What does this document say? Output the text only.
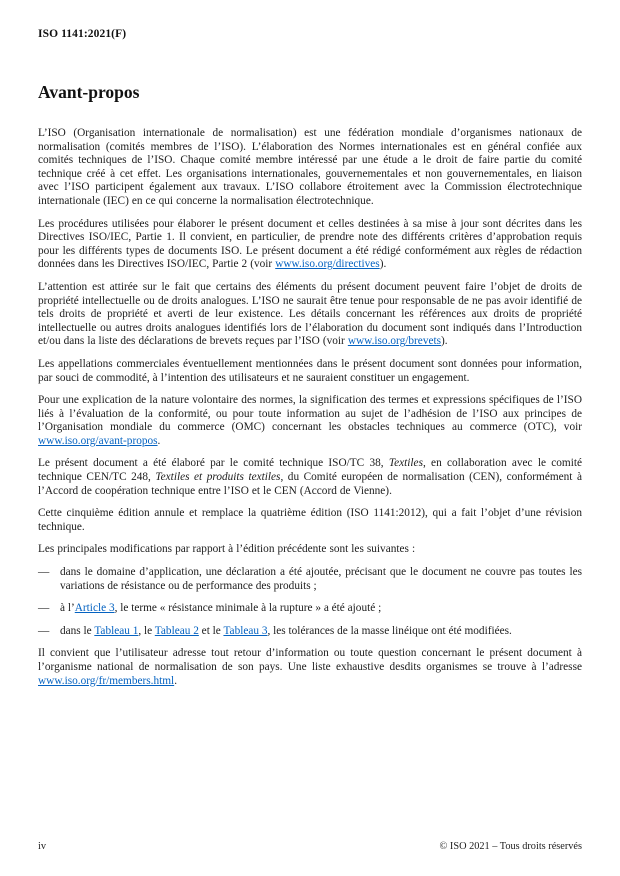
ISO 1141:2021(F)
Avant-propos

L’ISO (Organisation internationale de normalisation) est une fédération mondiale d’organismes nationaux de normalisation (comités membres de l’ISO). L’élaboration des Normes internationales est en général confiée aux comités techniques de l’ISO. Chaque comité membre intéressé par une étude a le droit de faire partie du comité technique créé à cet effet. Les organisations internationales, gouvernementales et non gouvernementales, en liaison avec l’ISO participent également aux travaux. L’ISO collabore étroitement avec la Commission électrotechnique internationale (IEC) en ce qui concerne la normalisation électrotechnique.

Les procédures utilisées pour élaborer le présent document et celles destinées à sa mise à jour sont décrites dans les Directives ISO/IEC, Partie 1. Il convient, en particulier, de prendre note des différents critères d’approbation requis pour les différents types de documents ISO. Le présent document a été rédigé conformément aux règles de rédaction données dans les Directives ISO/IEC, Partie 2 (voir www.iso.org/directives).

L’attention est attirée sur le fait que certains des éléments du présent document peuvent faire l’objet de droits de propriété intellectuelle ou de droits analogues. L’ISO ne saurait être tenue pour responsable de ne pas avoir identifié de tels droits de propriété et averti de leur existence. Les détails concernant les références aux droits de propriété intellectuelle ou autres droits analogues identifiés lors de l’élaboration du document sont indiqués dans l’Introduction et/ou dans la liste des déclarations de brevets reçues par l’ISO (voir www.iso.org/brevets).

Les appellations commerciales éventuellement mentionnées dans le présent document sont données pour information, par souci de commodité, à l’intention des utilisateurs et ne sauraient constituer un engagement.

Pour une explication de la nature volontaire des normes, la signification des termes et expressions spécifiques de l’ISO liés à l’évaluation de la conformité, ou pour toute information au sujet de l’adhésion de l’ISO aux principes de l’Organisation mondiale du commerce (OMC) concernant les obstacles techniques au commerce (OTC), voir www.iso.org/avant-propos.

Le présent document a été élaboré par le comité technique ISO/TC 38, Textiles, en collaboration avec le comité technique CEN/TC 248, Textiles et produits textiles, du Comité européen de normalisation (CEN), conformément à l’Accord de coopération technique entre l’ISO et le CEN (Accord de Vienne).

Cette cinquième édition annule et remplace la quatrième édition (ISO 1141:2012), qui a fait l’objet d’une révision technique.

Les principales modifications par rapport à l’édition précédente sont les suivantes :

— dans le domaine d’application, une déclaration a été ajoutée, précisant que le document ne couvre pas toutes les variations de résistance ou de performance des produits ;
— à l’Article 3, le terme « résistance minimale à la rupture » a été ajouté ;
— dans le Tableau 1, le Tableau 2 et le Tableau 3, les tolérances de la masse linéique ont été modifiées.

Il convient que l’utilisateur adresse tout retour d’information ou toute question concernant le présent document à l’organisme national de normalisation de son pays. Une liste exhaustive desdits organismes se trouve à l’adresse www.iso.org/fr/members.html.

iv	© ISO 2021 – Tous droits réservés
